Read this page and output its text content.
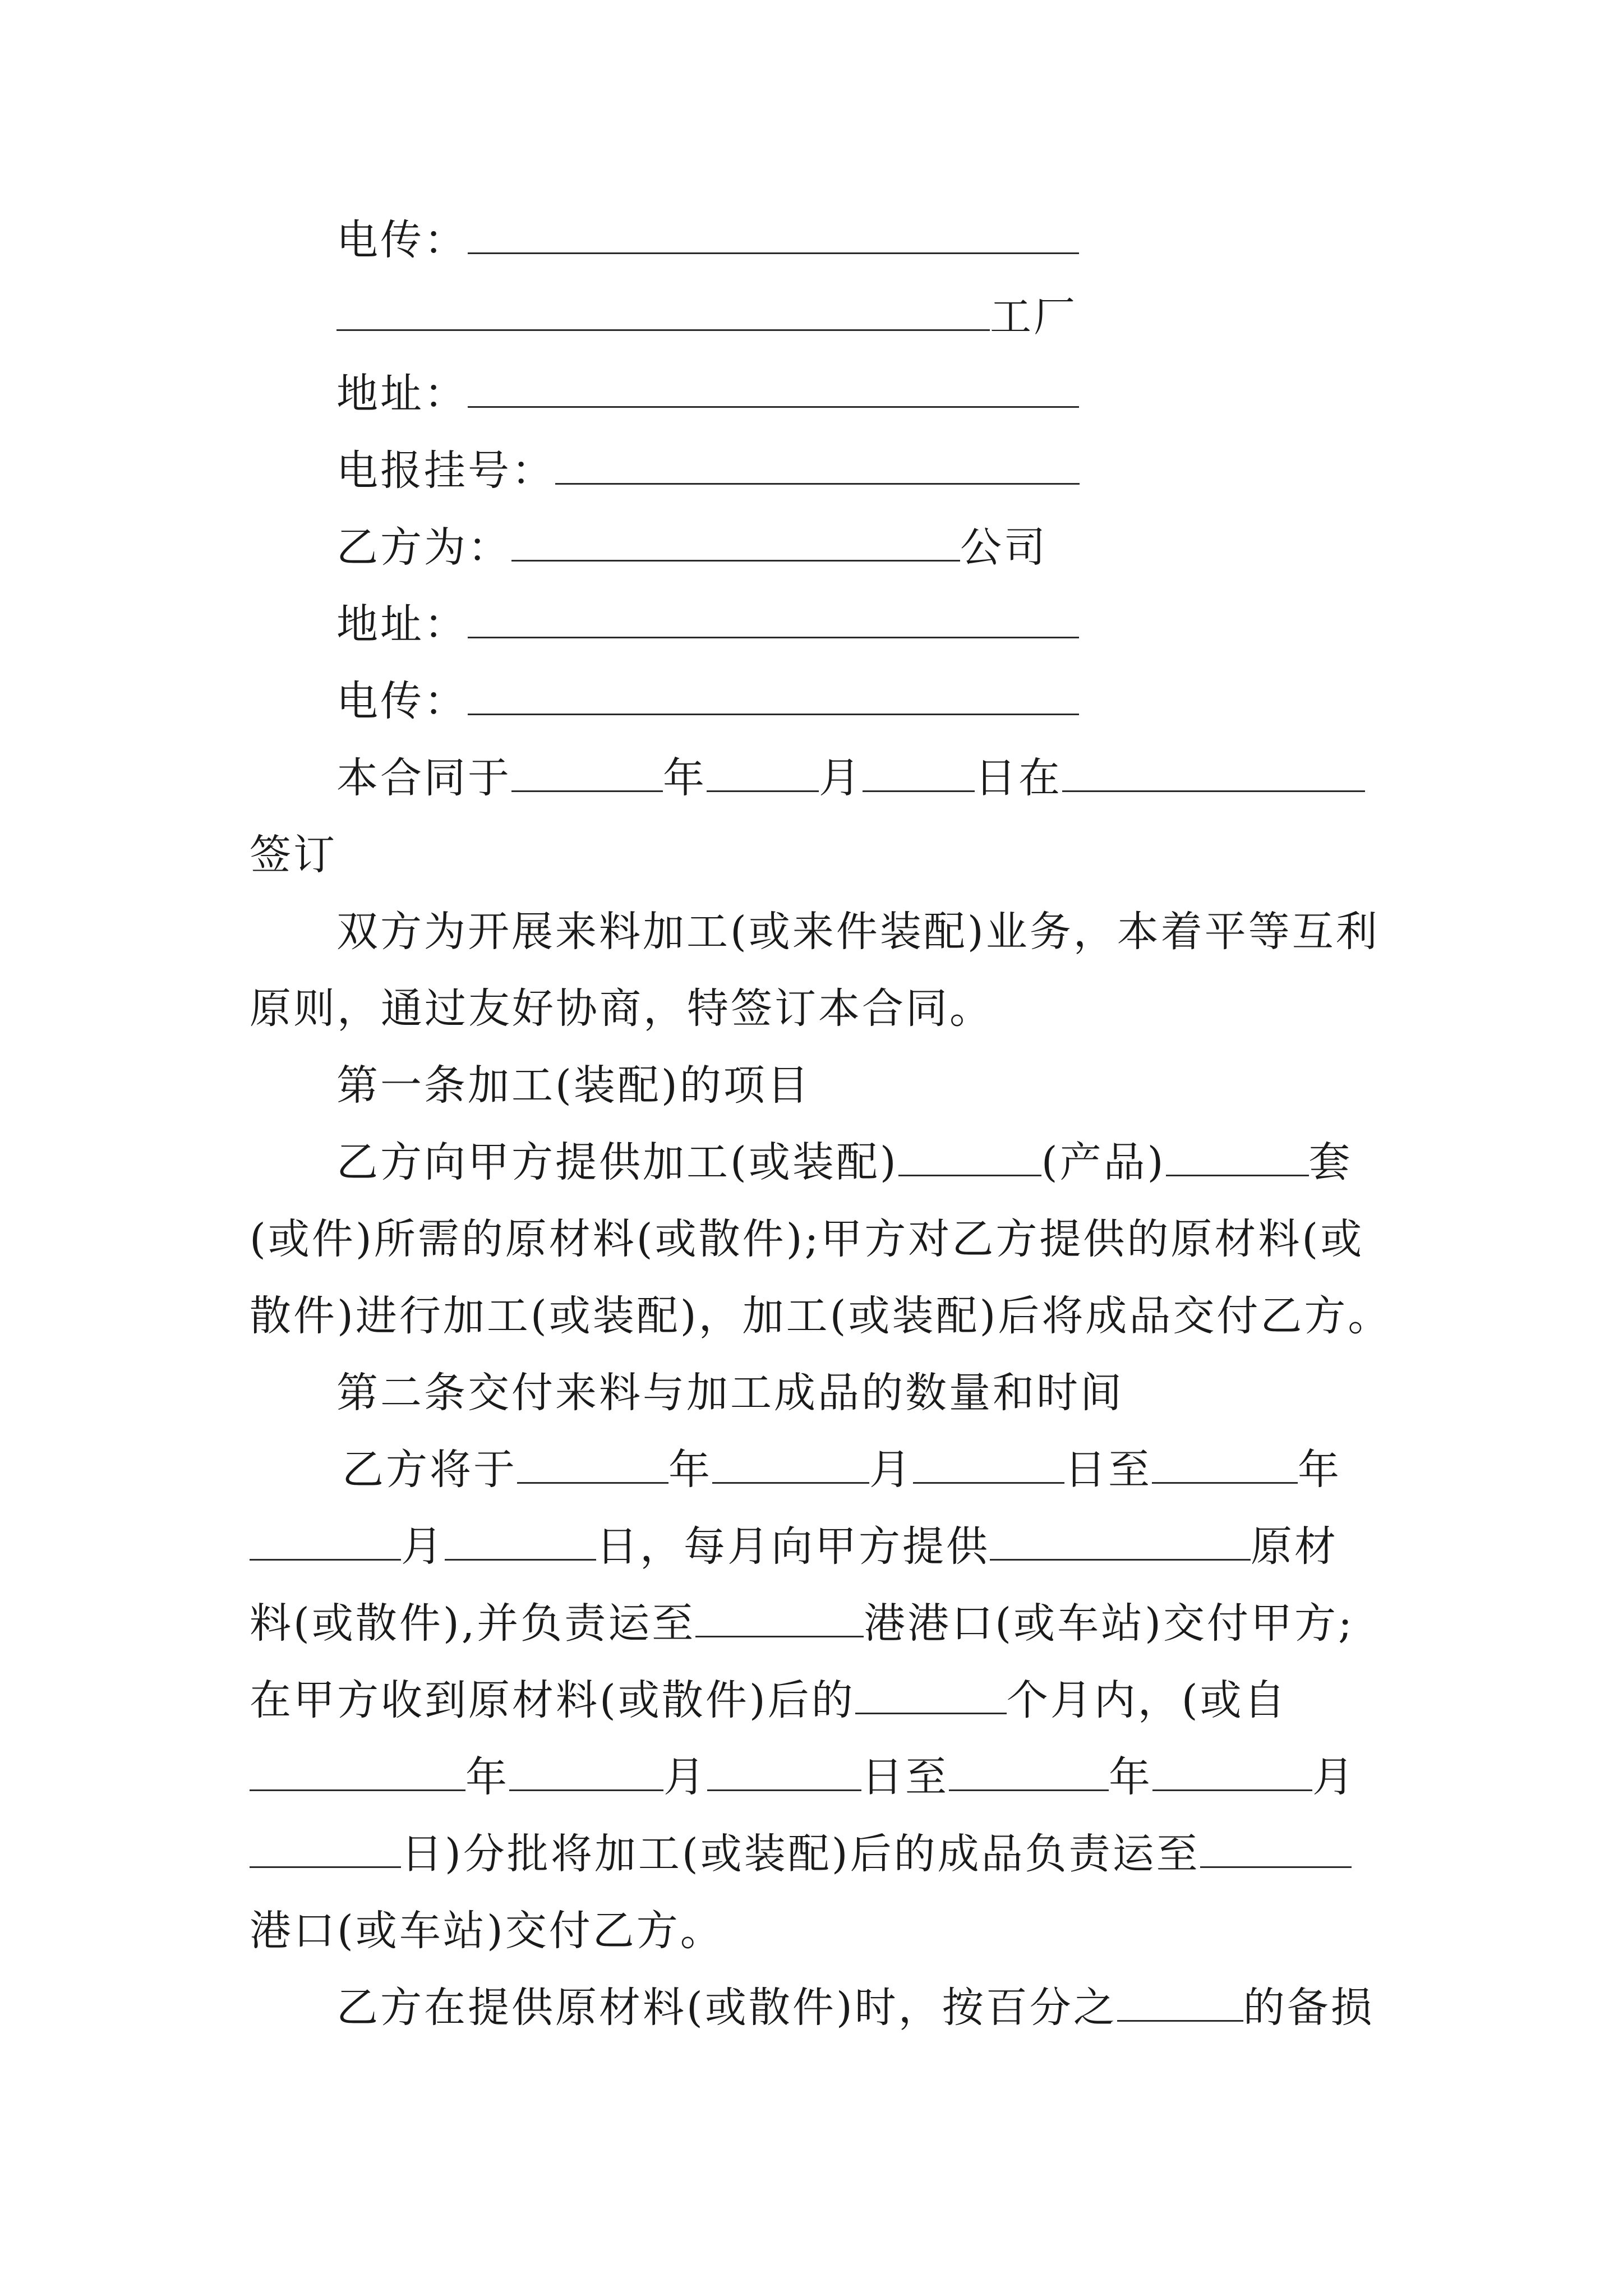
电传：
工厂
地址：
电报挂号：
乙方为：	公司
地址：
电传：
本合同于	年	月	日在
签订
双方为开展来料加工(或来件装配)业务，本着平等互利
原则，通过友好协商，特签订本合同。
第一条加工(装配)的项目
乙方向甲方提供加工(或装配)	(产品)	套
(或件)所需的原材料(或散件);甲方对乙方提供的原材料(或
散件)进行加工(或装配)，加工(或装配)后将成品交付乙方。
第二条交付来料与加工成品的数量和时间
乙方将于	年	月	日至	年
月	日，每月向甲方提供	原材
料(或散件),并负责运至	港港口(或车站)交付甲方;
在甲方收到原材料(或散件)后的	个月内，(或自
年	月	日至	年	月
日)分批将加工(或装配)后的成品负责运至
港口(或车站)交付乙方。
乙方在提供原材料(或散件)时，按百分之	的备损
